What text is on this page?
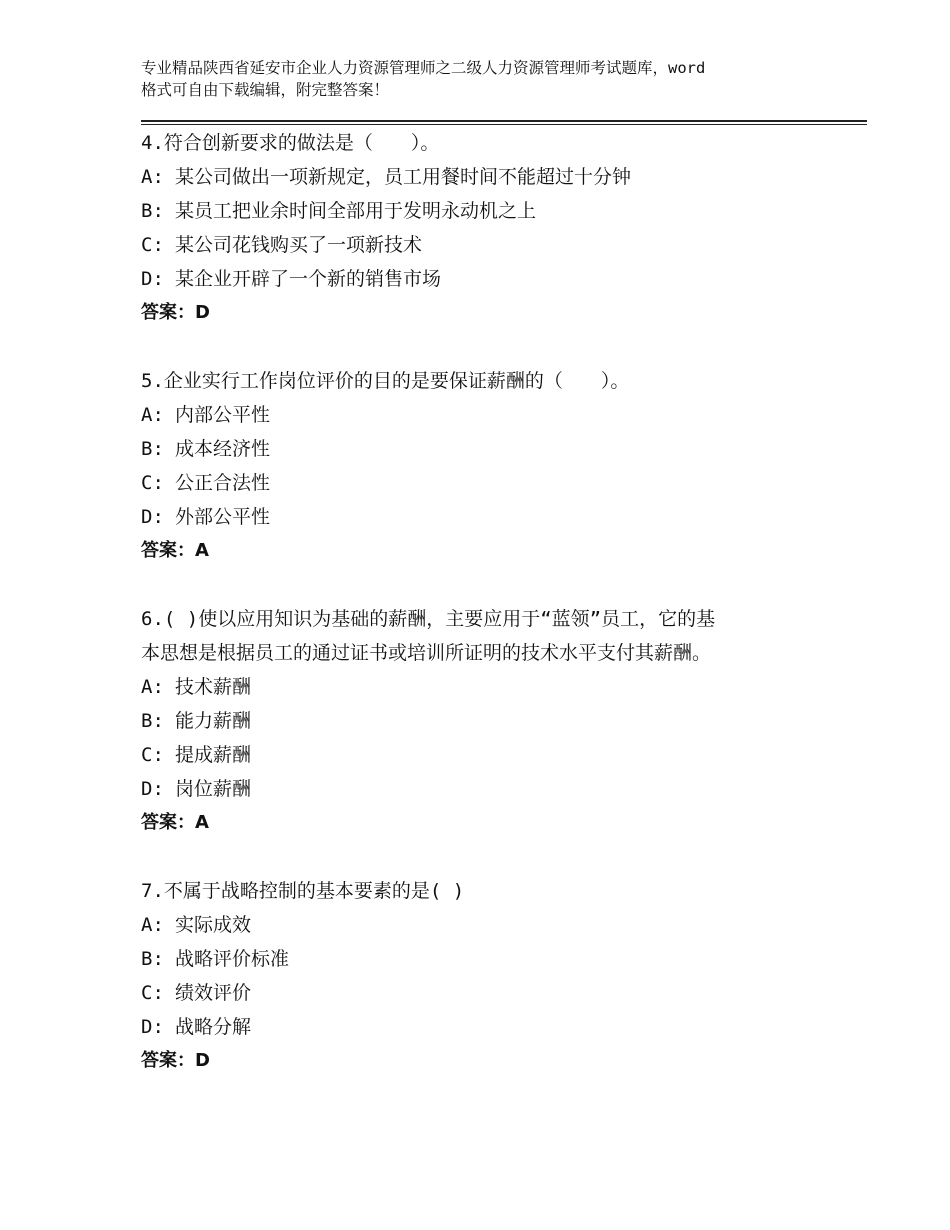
专业精品陕西省延安市企业人力资源管理师之二级人力资源管理师考试题库，word
格式可自由下载编辑，附完整答案！

4.符合创新要求的做法是（　　）。

A: 某公司做出一项新规定，员工用餐时间不能超过十分钟

B: 某员工把业余时间全部用于发明永动机之上

C: 某公司花钱购买了一项新技术

D: 某企业开辟了一个新的销售市场

答案：D

5.企业实行工作岗位评价的目的是要保证薪酬的（　　）。

A: 内部公平性

B: 成本经济性

C: 公正合法性

D: 外部公平性

答案：A

6.( )使以应用知识为基础的薪酬，主要应用于“蓝领”员工，它的基

本思想是根据员工的通过证书或培训所证明的技术水平支付其薪酬。

A: 技术薪酬

B: 能力薪酬

C: 提成薪酬

D: 岗位薪酬

答案：A

7.不属于战略控制的基本要素的是( )

A: 实际成效

B: 战略评价标准

C: 绩效评价

D: 战略分解

答案：D
